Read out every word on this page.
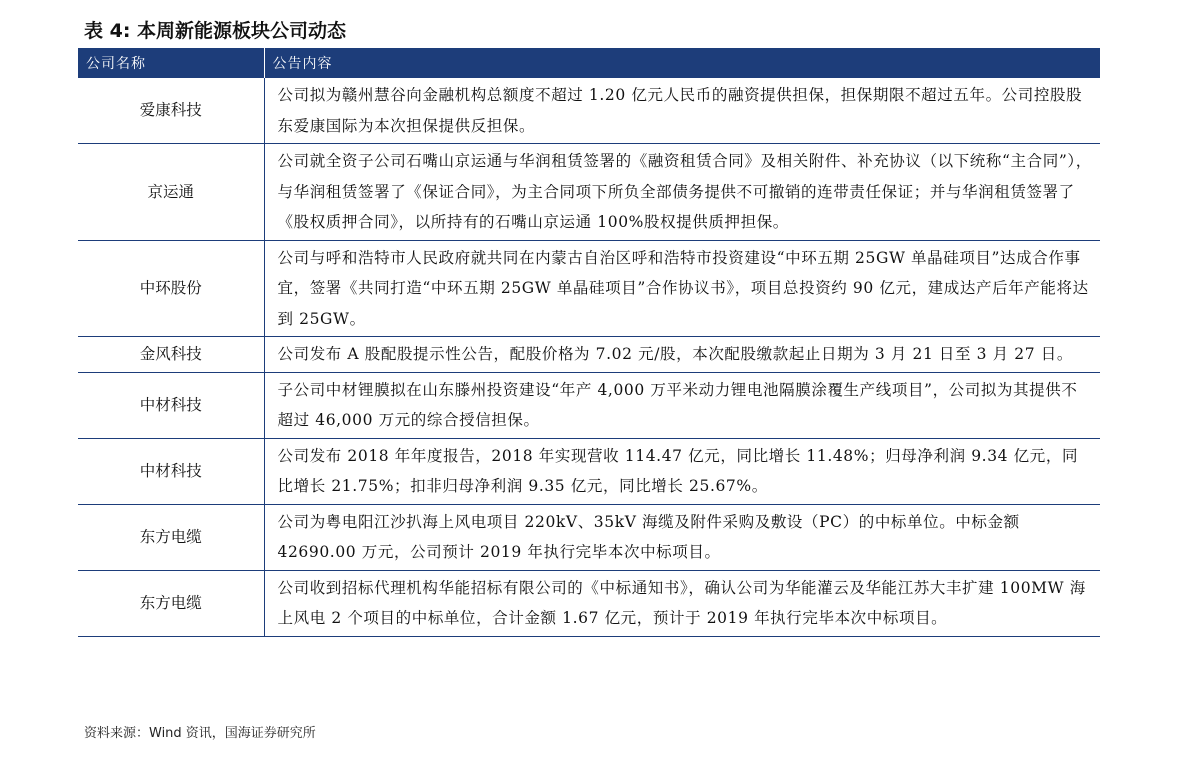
表 4: 本周新能源板块公司动态
公司名称	公告内容
爱康科技	公司拟为赣州慧谷向金融机构总额度不超过 1.20 亿元人民币的融资提供担保，担保期限不超过五年。公司控股股东爱康国际为本次担保提供反担保。
京运通	公司就全资子公司石嘴山京运通与华润租赁签署的《融资租赁合同》及相关附件、补充协议（以下统称“主合同”），与华润租赁签署了《保证合同》，为主合同项下所负全部债务提供不可撤销的连带责任保证；并与华润租赁签署了《股权质押合同》，以所持有的石嘴山京运通 100%股权提供质押担保。
中环股份	公司与呼和浩特市人民政府就共同在内蒙古自治区呼和浩特市投资建设“中环五期 25GW 单晶硅项目”达成合作事宜，签署《共同打造“中环五期 25GW 单晶硅项目”合作协议书》，项目总投资约 90 亿元，建成达产后年产能将达到 25GW。
金风科技	公司发布 A 股配股提示性公告，配股价格为 7.02 元/股，本次配股缴款起止日期为 3 月 21 日至 3 月 27 日。
中材科技	子公司中材锂膜拟在山东滕州投资建设“年产 4,000 万平米动力锂电池隔膜涂覆生产线项目”，公司拟为其提供不超过 46,000 万元的综合授信担保。
中材科技	公司发布 2018 年年度报告，2018 年实现营收 114.47 亿元，同比增长 11.48%；归母净利润 9.34 亿元，同比增长 21.75%；扣非归母净利润 9.35 亿元，同比增长 25.67%。
东方电缆	公司为粤电阳江沙扒海上风电项目 220kV、35kV 海缆及附件采购及敷设（PC）的中标单位。中标金额 42690.00 万元，公司预计 2019 年执行完毕本次中标项目。
东方电缆	公司收到招标代理机构华能招标有限公司的《中标通知书》，确认公司为华能灌云及华能江苏大丰扩建 100MW 海上风电 2 个项目的中标单位，合计金额 1.67 亿元，预计于 2019 年执行完毕本次中标项目。
资料来源：Wind 资讯，国海证券研究所
